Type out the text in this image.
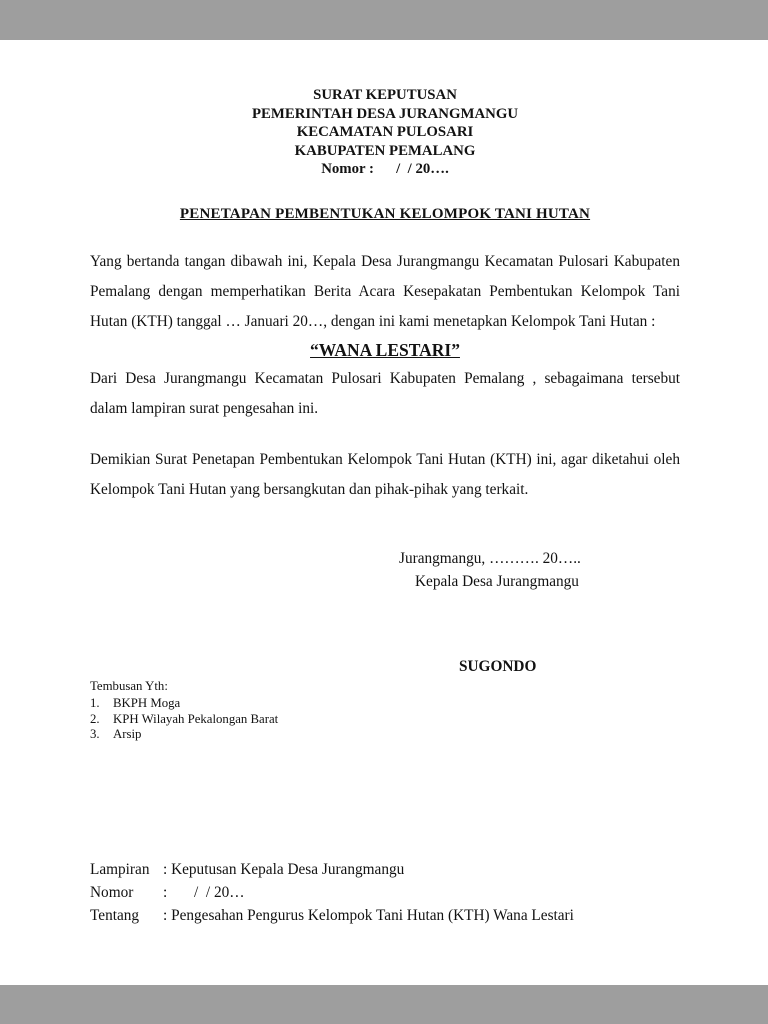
SURAT KEPUTUSAN
PEMERINTAH DESA JURANGMANGU
KECAMATAN PULOSARI
KABUPATEN PEMALANG
Nomor :      /  / 20….
PENETAPAN PEMBENTUKAN KELOMPOK TANI HUTAN

Yang bertanda tangan dibawah ini, Kepala Desa Jurangmangu Kecamatan Pulosari Kabupaten Pemalang dengan memperhatikan Berita Acara Kesepakatan Pembentukan Kelompok Tani Hutan (KTH) tanggal … Januari 20…, dengan ini kami menetapkan Kelompok Tani Hutan :

“WANA LESTARI”

Dari Desa Jurangmangu Kecamatan Pulosari Kabupaten Pemalang , sebagaimana tersebut dalam lampiran surat pengesahan ini.

Demikian Surat Penetapan Pembentukan Kelompok Tani Hutan (KTH) ini, agar diketahui oleh Kelompok Tani Hutan yang bersangkutan dan pihak-pihak yang terkait.

Jurangmangu, ………. 20…..
Kepala Desa Jurangmangu
SUGONDO
Tembusan Yth:
1.	BKPH Moga
2.	KPH Wilayah Pekalongan Barat
3.	Arsip
Lampiran : Keputusan Kepala Desa Jurangmangu
Nomor :       /  / 20…
Tentang : Pengesahan Pengurus Kelompok Tani Hutan (KTH) Wana Lestari
